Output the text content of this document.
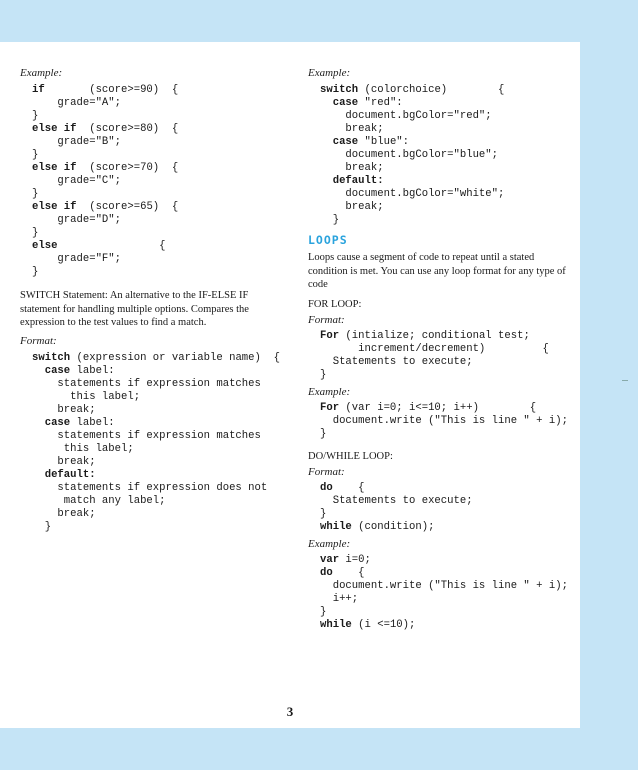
Example:
if       (score>=90)  {
grade="A";
}
else if  (score>=80)  {
grade="B";
}
else if  (score>=70)  {
grade="C";
}
else if  (score>=65)  {
grade="D";
}
else                {
grade="F";
}

SWITCH Statement: An alternative to the IF-ELSE IF statement for handling multiple options. Compares the expression to the test values to find a match.

Format:
switch (expression or variable name)  {
case label:
statements if expression matches
this label;
break;
case label:
statements if expression matches
this label;
break;
default:
statements if expression does not
match any label;
break;
}
Example:
switch (colorchoice)        {
case "red":
document.bgColor="red";
break;
case "blue":
document.bgColor="blue";
break;
default:
document.bgColor="white";
break;
}
LOOPS

Loops cause a segment of code to repeat until a stated condition is met. You can use any loop format for any type of code

FOR LOOP:
Format:
For (intialize; conditional test;
increment/decrement)         {
Statements to execute;
}
Example:
For (var i=0; i<=10; i++)        {
document.write ("This is line " + i);
}
DO/WHILE LOOP:
Format:
do    {
Statements to execute;
}
while (condition);
Example:
var i=0;
do    {
document.write ("This is line " + i);
i++;
}
while (i <=10);
3
